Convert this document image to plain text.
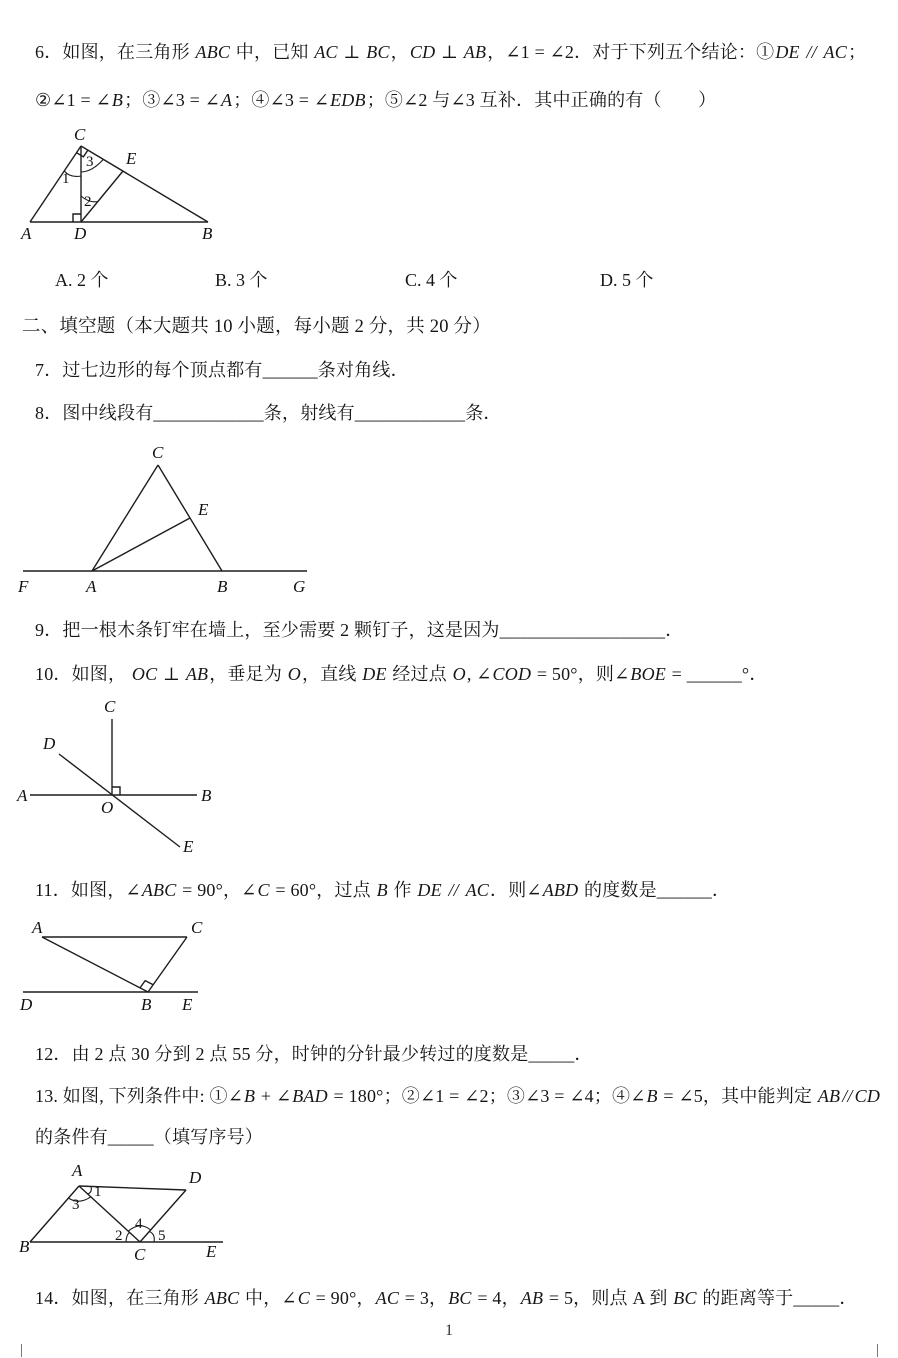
6．如图，在三角形 ABC 中，已知 AC ⊥ BC，CD ⊥ AB，∠1 = ∠2．对于下列五个结论：①DE // AC；
②∠1 = ∠B；③∠3 = ∠A；④∠3 = ∠EDB；⑤∠2 与∠3 互补．其中正确的有（　　）
A	D	B
C
E
1
3
2
A. 2 个	B. 3 个	C. 4 个	D. 5 个
二、填空题（本大题共 10 小题，每小题 2 分，共 20 分）
7．过七边形的每个顶点都有______条对角线．
8．图中线段有____________条，射线有____________条．
F	A	B	G
C
E
9．把一根木条钉牢在墙上，至少需要 2 颗钉子，这是因为__________________．
10．如图， OC ⊥ AB，垂足为 O，直线 DE 经过点 O, ∠COD = 50°，则∠BOE = ______°．
C
D
A	B
O
E
11．如图，∠ABC = 90°，∠C = 60°，过点 B 作 DE // AC．则∠ABD 的度数是______．
A	C
D	B E
12．由 2 点 30 分到 2 点 55 分，时钟的分针最少转过的度数是_____．
13. 如图, 下列条件中: ①∠B + ∠BAD = 180°；②∠1 = ∠2；③∠3 = ∠4；④∠B = ∠5，其中能判定 AB // CD
的条件有_____（填写序号）
A	D
B	C	E
3
1
2
4
5
14．如图，在三角形 ABC 中，∠C = 90°，AC = 3，BC = 4，AB = 5，则点 A 到 BC 的距离等于_____．
1
